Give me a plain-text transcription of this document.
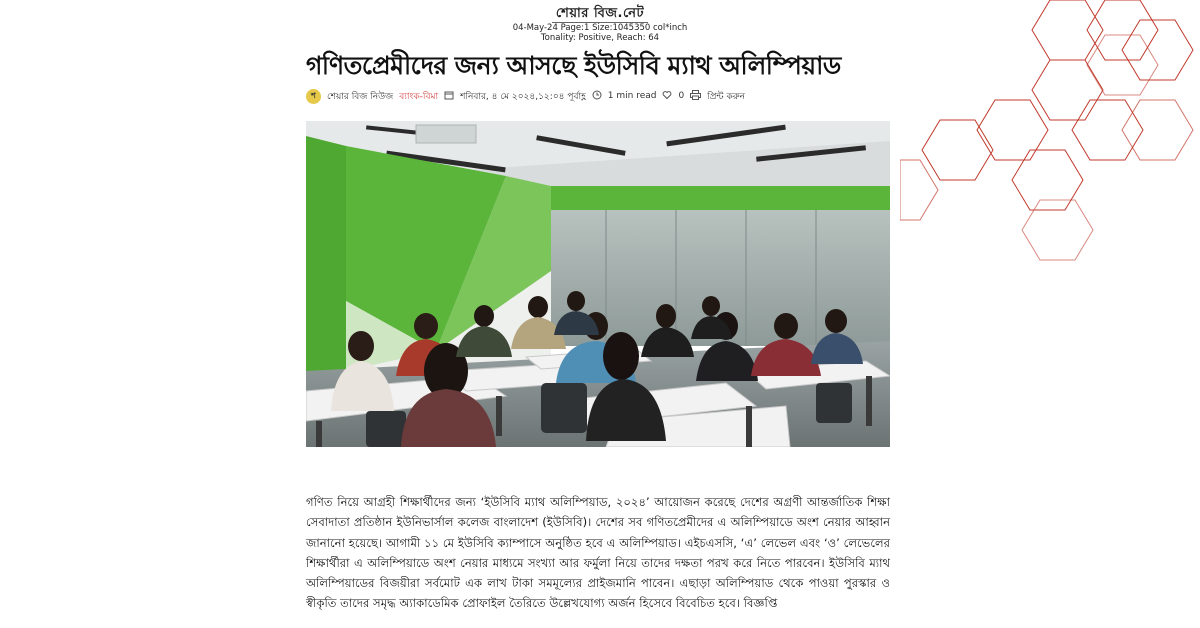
শেয়ার বিজ.নেট
04-May-24 Page:1 Size:1045350 col*inch
Tonality: Positive, Reach: 64
গণিতপ্রেমীদের জন্য আসছে ইউসিবি ম্যাথ অলিম্পিয়াড
শ	শেয়ার বিজ নিউজ ব্যাংক-বিমা শনিবার, ৪ মে ২০২৪,১২:০৪ পূর্বাহ্ণ 1 min read 0	প্রিন্ট করুন
গণিত নিয়ে আগ্রহী শিক্ষার্থীদের জন্য ‘ইউসিবি ম্যাথ অলিম্পিয়াড, ২০২৪’ আয়োজন করেছে দেশের অগ্রণী আন্তর্জাতিক শিক্ষা সেবাদাতা প্রতিষ্ঠান ইউনিভার্সাল কলেজ বাংলাদেশ (ইউসিবি)। দেশের সব গণিতপ্রেমীদের এ অলিম্পিয়াডে অংশ নেয়ার আহ্বান জানানো হয়েছে। আগামী ১১ মে ইউসিবি ক্যাম্পাসে অনুষ্ঠিত হবে এ অলিম্পিয়াড। এইচএসসি, ‘এ’ লেভেল এবং ‘ও’ লেভেলের শিক্ষার্থীরা এ অলিম্পিয়াডে অংশ নেয়ার মাধ্যমে সংখ্যা আর ফর্মুলা নিয়ে তাদের দক্ষতা পরখ করে নিতে পারবেন। ইউসিবি ম্যাথ অলিম্পিয়াডের বিজয়ীরা সর্বমোট এক লাখ টাকা সমমূল্যের প্রাইজমানি পাবেন। এছাড়া অলিম্পিয়াড থেকে পাওয়া পুরস্কার ও স্বীকৃতি তাদের সমৃদ্ধ অ্যাকাডেমিক প্রোফাইল তৈরিতে উল্লেখযোগ্য অর্জন হিসেবে বিবেচিত হবে। বিজ্ঞপ্তি
